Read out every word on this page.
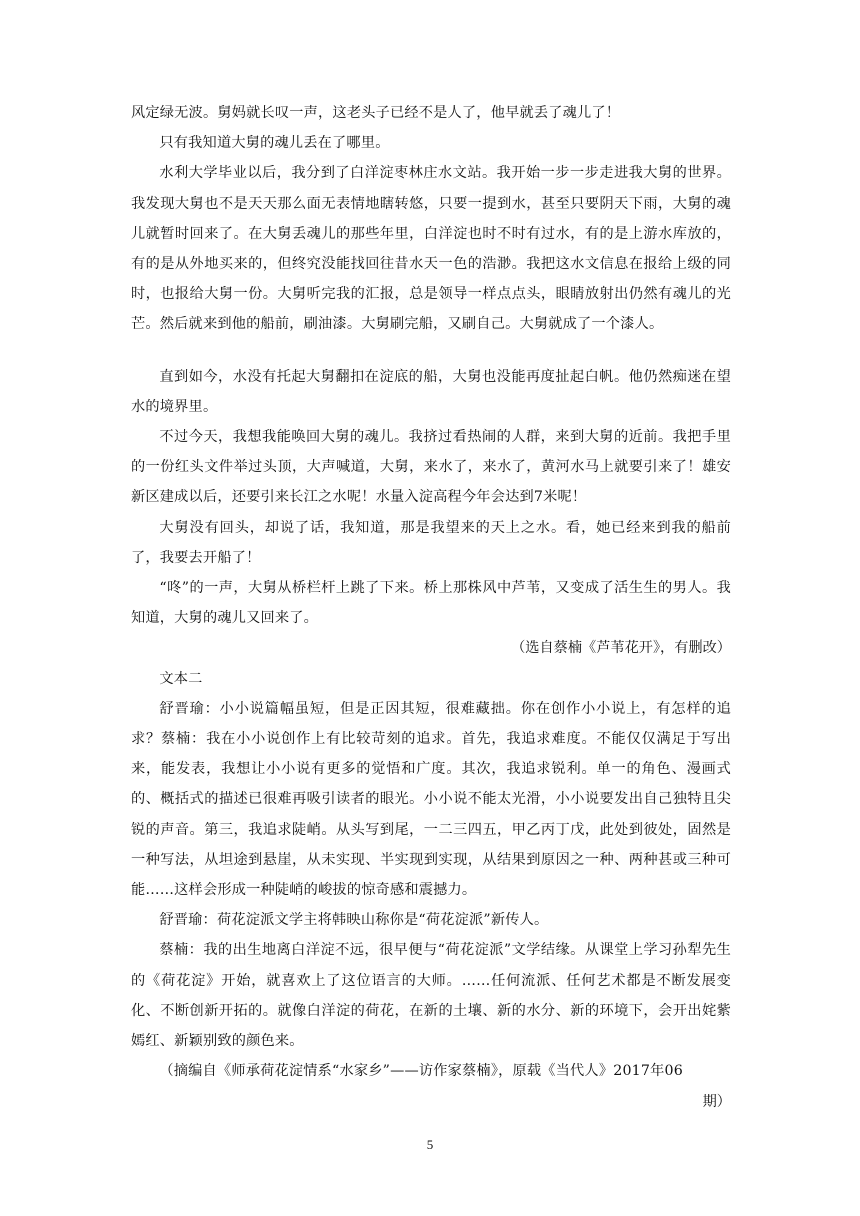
风定绿无波。舅妈就长叹一声，这老头子已经不是人了，他早就丢了魂儿了！

只有我知道大舅的魂儿丢在了哪里。

水利大学毕业以后，我分到了白洋淀枣林庄水文站。我开始一步一步走进我大舅的世界。我发现大舅也不是天天那么面无表情地瞎转悠，只要一提到水，甚至只要阴天下雨，大舅的魂儿就暂时回来了。在大舅丢魂儿的那些年里，白洋淀也时不时有过水，有的是上游水库放的，有的是从外地买来的，但终究没能找回往昔水天一色的浩渺。我把这水文信息在报给上级的同时，也报给大舅一份。大舅听完我的汇报，总是领导一样点点头，眼睛放射出仍然有魂儿的光芒。然后就来到他的船前，刷油漆。大舅刷完船，又刷自己。大舅就成了一个漆人。

直到如今，水没有托起大舅翻扣在淀底的船，大舅也没能再度扯起白帆。他仍然痴迷在望水的境界里。

不过今天，我想我能唤回大舅的魂儿。我挤过看热闹的人群，来到大舅的近前。我把手里的一份红头文件举过头顶，大声喊道，大舅，来水了，来水了，黄河水马上就要引来了！雄安新区建成以后，还要引来长江之水呢！水量入淀高程今年会达到7米呢！

大舅没有回头，却说了话，我知道，那是我望来的天上之水。看，她已经来到我的船前了，我要去开船了！

“咚”的一声，大舅从桥栏杆上跳了下来。桥上那株风中芦苇，又变成了活生生的男人。我知道，大舅的魂儿又回来了。

（选自蔡楠《芦苇花开》，有删改）

文本二

舒晋瑜：小小说篇幅虽短，但是正因其短，很难藏拙。你在创作小小说上，有怎样的追求？蔡楠：我在小小说创作上有比较苛刻的追求。首先，我追求难度。不能仅仅满足于写出来，能发表，我想让小小说有更多的觉悟和广度。其次，我追求锐利。单一的角色、漫画式的、概括式的描述已很难再吸引读者的眼光。小小说不能太光滑，小小说要发出自己独特且尖锐的声音。第三，我追求陡峭。从头写到尾，一二三四五，甲乙丙丁戊，此处到彼处，固然是一种写法，从坦途到悬崖，从未实现、半实现到实现，从结果到原因之一种、两种甚或三种可能……这样会形成一种陡峭的峻拔的惊奇感和震撼力。

舒晋瑜：荷花淀派文学主将韩映山称你是“荷花淀派”新传人。

蔡楠：我的出生地离白洋淀不远，很早便与“荷花淀派”文学结缘。从课堂上学习孙犁先生的《荷花淀》开始，就喜欢上了这位语言的大师。……任何流派、任何艺术都是不断发展变化、不断创新开拓的。就像白洋淀的荷花，在新的土壤、新的水分、新的环境下，会开出姹紫嫣红、新颖别致的颜色来。

（摘编自《师承荷花淀情系“水家乡”——访作家蔡楠》，原载《当代人》2017年06

期）

5
